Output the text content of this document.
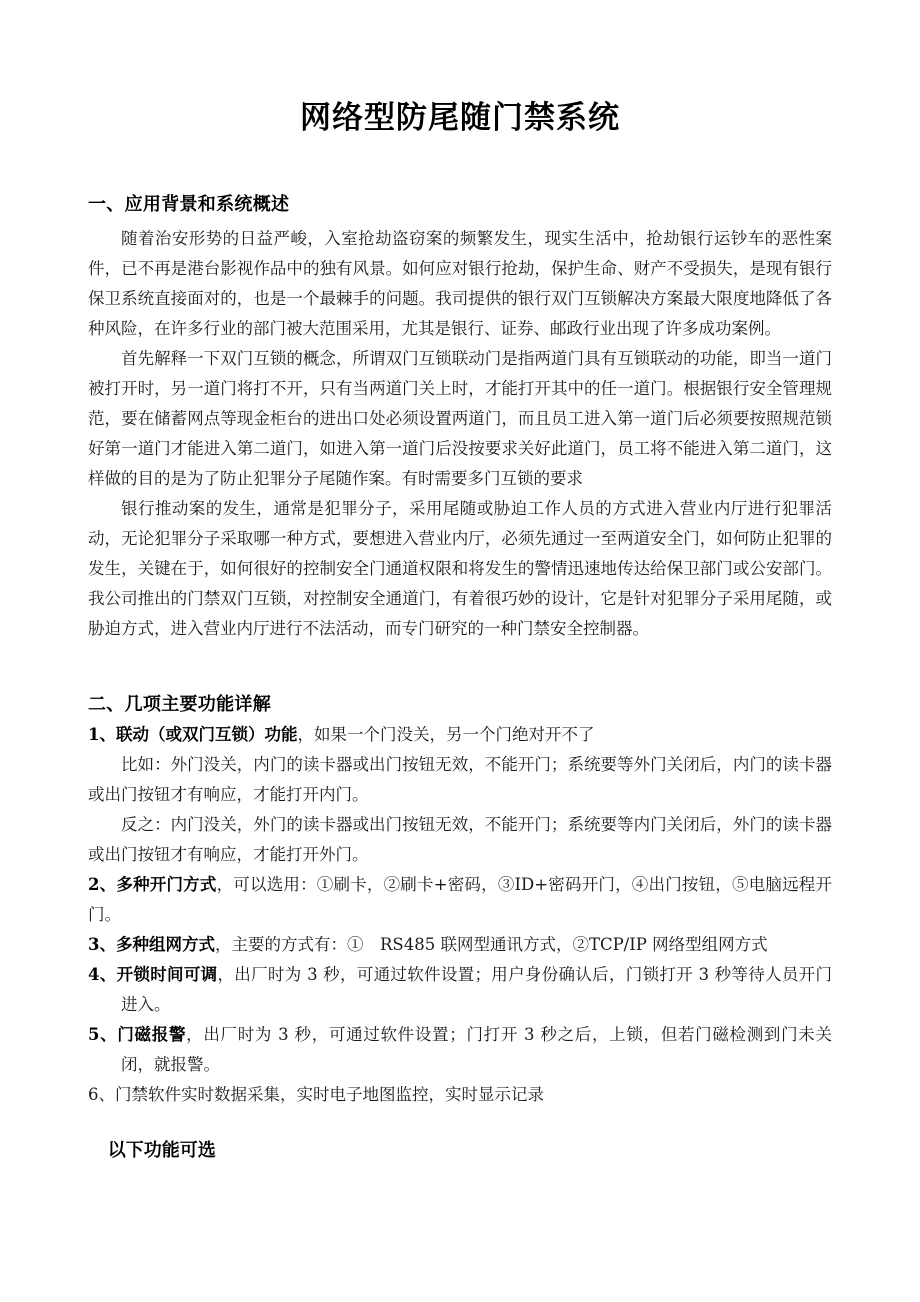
网络型防尾随门禁系统
一、应用背景和系统概述

随着治安形势的日益严峻，入室抢劫盗窃案的频繁发生，现实生活中，抢劫银行运钞车的恶性案件，已不再是港台影视作品中的独有风景。如何应对银行抢劫，保护生命、财产不受损失，是现有银行保卫系统直接面对的，也是一个最棘手的问题。我司提供的银行双门互锁解决方案最大限度地降低了各种风险，在许多行业的部门被大范围采用，尤其是银行、证券、邮政行业出现了许多成功案例。

首先解释一下双门互锁的概念，所谓双门互锁联动门是指两道门具有互锁联动的功能，即当一道门被打开时，另一道门将打不开，只有当两道门关上时，才能打开其中的任一道门。根据银行安全管理规范，要在储蓄网点等现金柜台的进出口处必须设置两道门，而且员工进入第一道门后必须要按照规范锁好第一道门才能进入第二道门，如进入第一道门后没按要求关好此道门，员工将不能进入第二道门，这样做的目的是为了防止犯罪分子尾随作案。有时需要多门互锁的要求

银行推动案的发生，通常是犯罪分子，采用尾随或胁迫工作人员的方式进入营业内厅进行犯罪活动，无论犯罪分子采取哪一种方式，要想进入营业内厅，必须先通过一至两道安全门，如何防止犯罪的发生，关键在于，如何很好的控制安全门通道权限和将发生的警情迅速地传达给保卫部门或公安部门。我公司推出的门禁双门互锁，对控制安全通道门，有着很巧妙的设计，它是针对犯罪分子采用尾随，或胁迫方式，进入营业内厅进行不法活动，而专门研究的一种门禁安全控制器。

二、几项主要功能详解

1、联动（或双门互锁）功能，如果一个门没关，另一个门绝对开不了

比如：外门没关，内门的读卡器或出门按钮无效，不能开门；系统要等外门关闭后，内门的读卡器或出门按钮才有响应，才能打开内门。

反之：内门没关，外门的读卡器或出门按钮无效，不能开门；系统要等内门关闭后，外门的读卡器或出门按钮才有响应，才能打开外门。

2、多种开门方式，可以选用：①刷卡，②刷卡+密码，③ID+密码开门，④出门按钮，⑤电脑远程开门。

3、多种组网方式，主要的方式有：①　RS485 联网型通讯方式，②TCP/IP 网络型组网方式

4、开锁时间可调，出厂时为 3 秒，可通过软件设置；用户身份确认后，门锁打开 3 秒等待人员开门进入。

5、门磁报警，出厂时为 3 秒，可通过软件设置；门打开 3 秒之后，上锁，但若门磁检测到门未关闭，就报警。

6、门禁软件实时数据采集，实时电子地图监控，实时显示记录

以下功能可选
